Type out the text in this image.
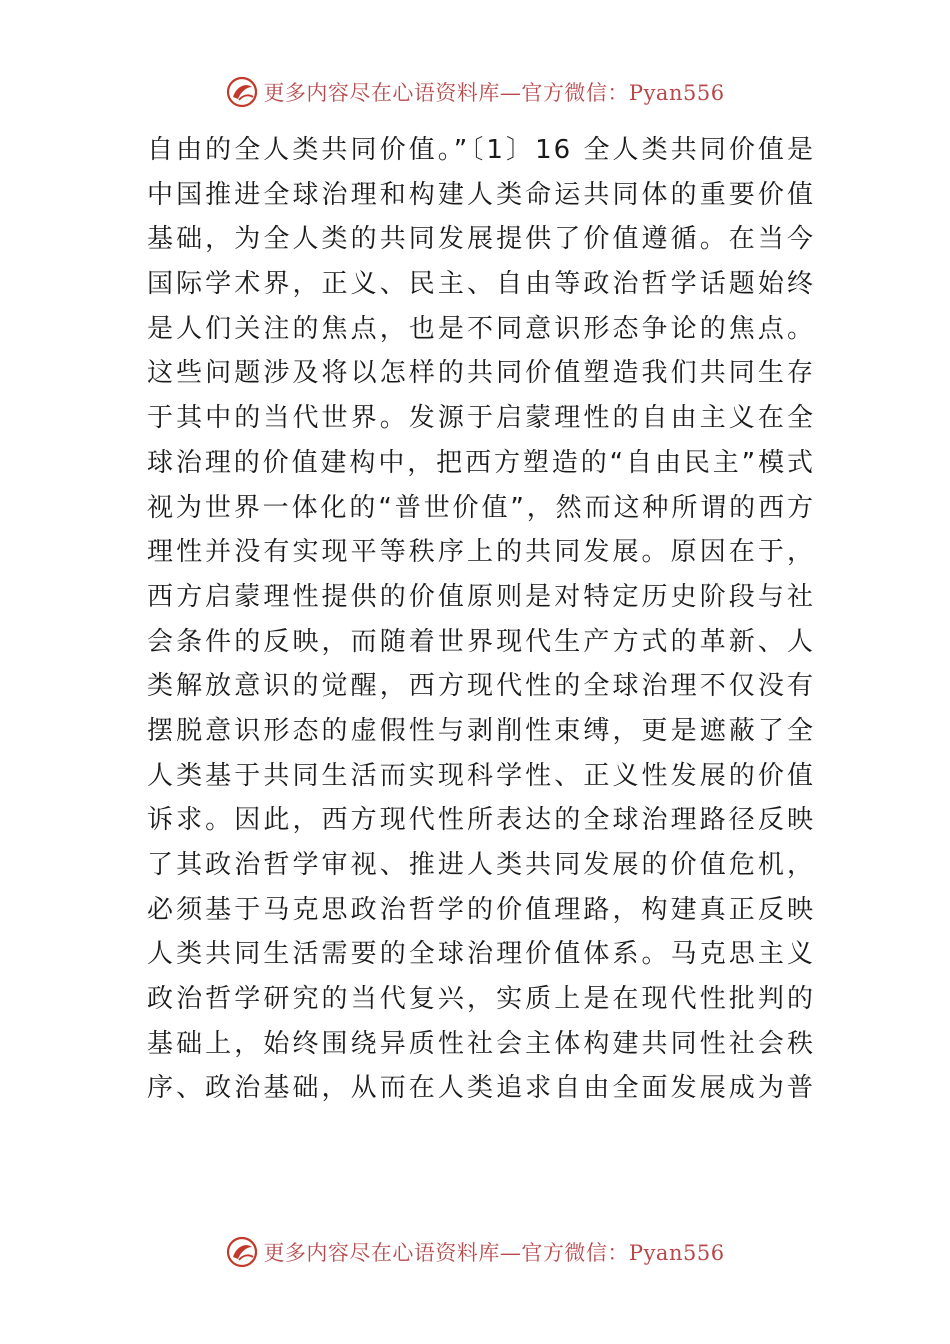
更多内容尽在心语资料库—官方微信：Pyan556
自由的全人类共同价值。”〔1〕16 全人类共同价值是
中国推进全球治理和构建人类命运共同体的重要价值
基础，为全人类的共同发展提供了价值遵循。在当今
国际学术界，正义、民主、自由等政治哲学话题始终
是人们关注的焦点，也是不同意识形态争论的焦点。
这些问题涉及将以怎样的共同价值塑造我们共同生存
于其中的当代世界。发源于启蒙理性的自由主义在全
球治理的价值建构中，把西方塑造的“自由民主”模式
视为世界一体化的“普世价值”，然而这种所谓的西方
理性并没有实现平等秩序上的共同发展。原因在于，
西方启蒙理性提供的价值原则是对特定历史阶段与社
会条件的反映，而随着世界现代生产方式的革新、人
类解放意识的觉醒，西方现代性的全球治理不仅没有
摆脱意识形态的虚假性与剥削性束缚，更是遮蔽了全
人类基于共同生活而实现科学性、正义性发展的价值
诉求。因此，西方现代性所表达的全球治理路径反映
了其政治哲学审视、推进人类共同发展的价值危机，
必须基于马克思政治哲学的价值理路，构建真正反映
人类共同生活需要的全球治理价值体系。马克思主义
政治哲学研究的当代复兴，实质上是在现代性批判的
基础上，始终围绕异质性社会主体构建共同性社会秩
序、政治基础，从而在人类追求自由全面发展成为普
更多内容尽在心语资料库—官方微信：Pyan556
